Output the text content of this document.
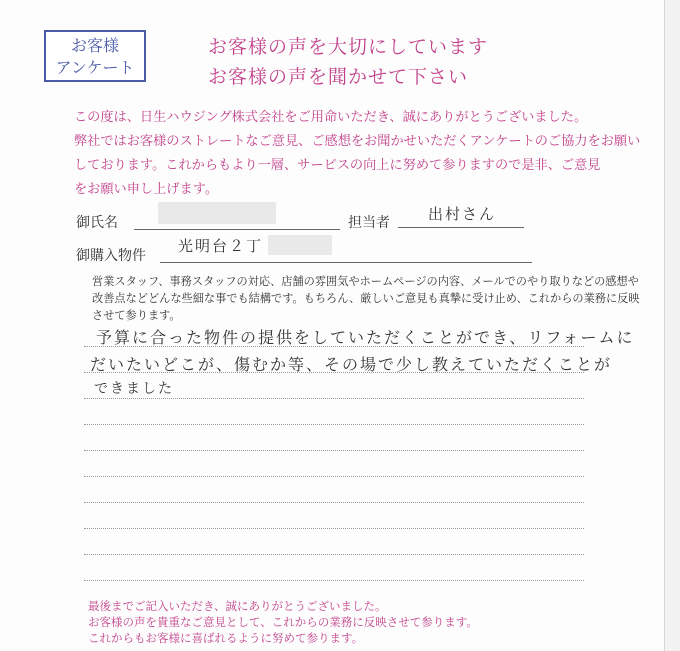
お客様
アンケート
お客様の声を大切にしています
お客様の声を聞かせて下さい
この度は、日生ハウジング株式会社をご用命いただき、誠にありがとうございました。
弊社ではお客様のストレートなご意見、ご感想をお聞かせいただくアンケートのご協力をお願い
しております。これからもより一層、サービスの向上に努めて参りますので是非、ご意見
をお願い申し上げます。
御氏名	担当者	出村さん
御購入物件
光明台２丁
営業スタッフ、事務スタッフの対応、店舗の雰囲気やホームページの内容、メールでのやり取りなどの感想や
改善点などどんな些細な事でも結構です。もちろん、厳しいご意見も真摯に受け止め、これからの業務に反映
させて参ります。
予算に合った物件の提供をしていただくことができ、リフォームに
だいたいどこが、傷むか等、その場で少し教えていただくことが
できました
最後までご記入いただき、誠にありがとうございました。
お客様の声を貴重なご意見として、これからの業務に反映させて参ります。
これからもお客様に喜ばれるように努めて参ります。
